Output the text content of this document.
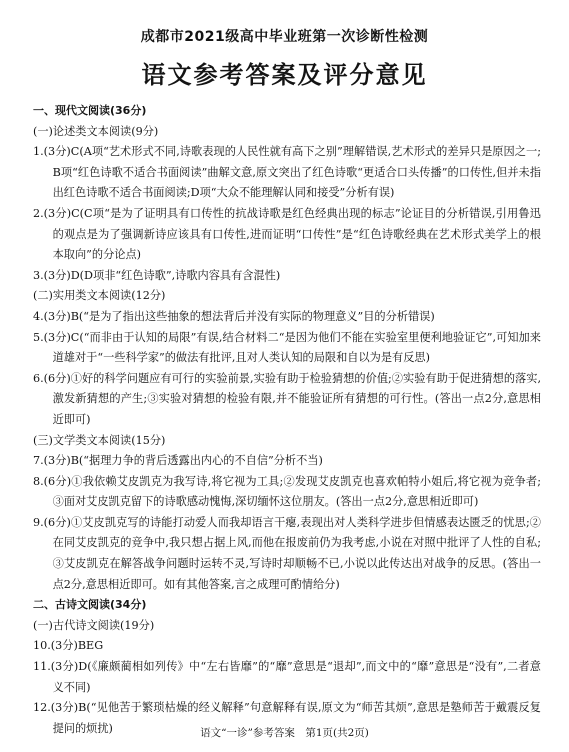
成都市2021级高中毕业班第一次诊断性检测
语文参考答案及评分意见
一、现代文阅读(36分)
(一)论述类文本阅读(9分)
1.(3分)C(A项“艺术形式不同,诗歌表现的人民性就有高下之别”理解错误,艺术形式的差异只是原因之一;B项“红色诗歌不适合书面阅读”曲解文意,原文突出了红色诗歌“更适合口头传播”的口传性,但并未指出红色诗歌不适合书面阅读;D项“大众不能理解认同和接受”分析有误)
2.(3分)C(C项“是为了证明具有口传性的抗战诗歌是红色经典出现的标志”论证目的分析错误,引用鲁迅的观点是为了强调新诗应该具有口传性,进而证明“口传性”是“红色诗歌经典在艺术形式美学上的根本取向”的分论点)
3.(3分)D(D项非“红色诗歌”,诗歌内容具有含混性)
(二)实用类文本阅读(12分)
4.(3分)B(“是为了指出这些抽象的想法背后并没有实际的物理意义”目的分析错误)
5.(3分)C(“而非由于认知的局限”有误,结合材料二“是因为他们不能在实验室里便利地验证它”,可知加来道雄对于“一些科学家”的做法有批评,且对人类认知的局限和自以为是有反思)
6.(6分)①好的科学问题应有可行的实验前景,实验有助于检验猜想的价值;②实验有助于促进猜想的落实,激发新猜想的产生;③实验对猜想的检验有限,并不能验证所有猜想的可行性。(答出一点2分,意思相近即可)
(三)文学类文本阅读(15分)
7.(3分)B(“据理力争的背后透露出内心的不自信”分析不当)
8.(6分)①我依赖艾皮凯克为我写诗,将它视为工具;②发现艾皮凯克也喜欢帕特小姐后,将它视为竞争者;③面对艾皮凯克留下的诗歌感动愧悔,深切缅怀这位朋友。(答出一点2分,意思相近即可)
9.(6分)①艾皮凯克写的诗能打动爱人而我却语言干瘪,表现出对人类科学进步但情感表达匮乏的忧思;②在同艾皮凯克的竞争中,我只想占据上风,而他在报废前仍为我考虑,小说在对照中批评了人性的自私;③艾皮凯克在解答战争问题时运转不灵,写诗时却顺畅不已,小说以此传达出对战争的反思。(答出一点2分,意思相近即可。如有其他答案,言之成理可酌情给分)
二、古诗文阅读(34分)
(一)古代诗文阅读(19分)
10.(3分)BEG
11.(3分)D(《廉颇蔺相如列传》中“左右皆靡”的“靡”意思是“退却”,而文中的“靡”意思是“没有”,二者意义不同)
12.(3分)B(“见他苦于繁琐枯燥的经义解释”句意解释有误,原文为“师苦其烦”,意思是塾师苦于戴震反复提问的烦扰)	语文“一诊”参考答案　第1页(共2页)
